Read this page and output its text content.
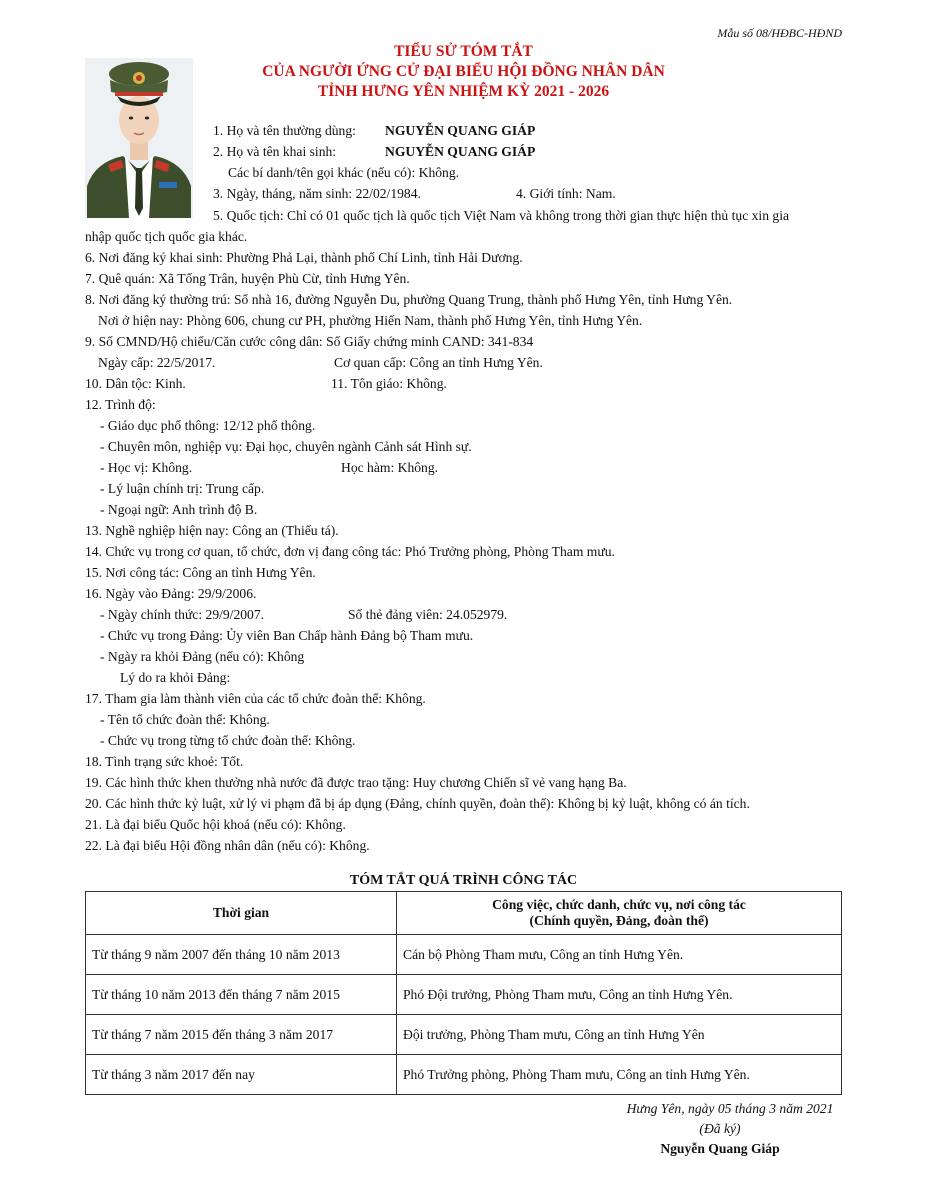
Mẫu số 08/HĐBC-HĐND
TIỂU SỬ TÓM TẮT
CỦA NGƯỜI ỨNG CỬ ĐẠI BIỂU HỘI ĐỒNG NHÂN DÂN
TỈNH HƯNG YÊN NHIỆM KỲ 2021 - 2026
1. Họ và tên thường dùng: NGUYỄN QUANG GIÁP
2. Họ và tên khai sinh:	NGUYỄN QUANG GIÁP
Các bí danh/tên gọi khác (nếu có): Không.
3. Ngày, tháng, năm sinh: 22/02/1984.	4. Giới tính: Nam.
5. Quốc tịch: Chỉ có 01 quốc tịch là quốc tịch Việt Nam và không trong thời gian thực hiện thủ tục xin gia
nhập quốc tịch quốc gia khác.
6. Nơi đăng ký khai sinh: Phường Phả Lại, thành phố Chí Linh, tỉnh Hải Dương.
7. Quê quán: Xã Tống Trân, huyện Phù Cừ, tỉnh Hưng Yên.
8. Nơi đăng ký thường trú: Số nhà 16, đường Nguyễn Du, phường Quang Trung, thành phố Hưng Yên, tỉnh Hưng Yên.
Nơi ở hiện nay: Phòng 606, chung cư PH, phường Hiến Nam, thành phố Hưng Yên, tỉnh Hưng Yên.
9. Số CMND/Hộ chiếu/Căn cước công dân: Số Giấy chứng minh CAND: 341-834
Ngày cấp: 22/5/2017.	Cơ quan cấp: Công an tỉnh Hưng Yên.
10. Dân tộc: Kinh.	11. Tôn giáo: Không.
12. Trình độ:
- Giáo dục phổ thông: 12/12 phổ thông.
- Chuyên môn, nghiệp vụ: Đại học, chuyên ngành Cảnh sát Hình sự.
- Học vị: Không.	Học hàm: Không.
- Lý luận chính trị: Trung cấp.
- Ngoại ngữ: Anh trình độ B.
13. Nghề nghiệp hiện nay: Công an (Thiếu tá).
14. Chức vụ trong cơ quan, tổ chức, đơn vị đang công tác: Phó Trưởng phòng, Phòng Tham mưu.
15. Nơi công tác: Công an tỉnh Hưng Yên.
16. Ngày vào Đảng: 29/9/2006.
- Ngày chính thức: 29/9/2007.	Số thẻ đảng viên: 24.052979.
- Chức vụ trong Đảng: Ủy viên Ban Chấp hành Đảng bộ Tham mưu.
- Ngày ra khỏi Đảng (nếu có): Không
Lý do ra khỏi Đảng:
17. Tham gia làm thành viên của các tổ chức đoàn thể: Không.
- Tên tổ chức đoàn thể: Không.
- Chức vụ trong từng tổ chức đoàn thể: Không.
18. Tình trạng sức khoẻ: Tốt.
19. Các hình thức khen thưởng nhà nước đã được trao tặng: Huy chương Chiến sĩ vẻ vang hạng Ba.
20. Các hình thức kỷ luật, xử lý vi phạm đã bị áp dụng (Đảng, chính quyền, đoàn thể): Không bị kỷ luật, không có án tích.
21. Là đại biểu Quốc hội khoá (nếu có): Không.
22. Là đại biểu Hội đồng nhân dân (nếu có): Không.
TÓM TẮT QUÁ TRÌNH CÔNG TÁC
Thời gian	Công việc, chức danh, chức vụ, nơi công tác
(Chính quyền, Đảng, đoàn thể)

Từ tháng 9 năm 2007 đến tháng 10 năm 2013	Cán bộ Phòng Tham mưu, Công an tỉnh Hưng Yên.
Từ tháng 10 năm 2013 đến tháng 7 năm 2015	Phó Đội trưởng, Phòng Tham mưu, Công an tỉnh Hưng Yên.
Từ tháng 7 năm 2015 đến tháng 3 năm 2017	Đội trưởng, Phòng Tham mưu, Công an tỉnh Hưng Yên
Từ tháng 3 năm 2017 đến nay	Phó Trưởng phòng, Phòng Tham mưu, Công an tỉnh Hưng Yên.
Hưng Yên, ngày 05 tháng 3 năm 2021
(Đã ký)
Nguyễn Quang Giáp
